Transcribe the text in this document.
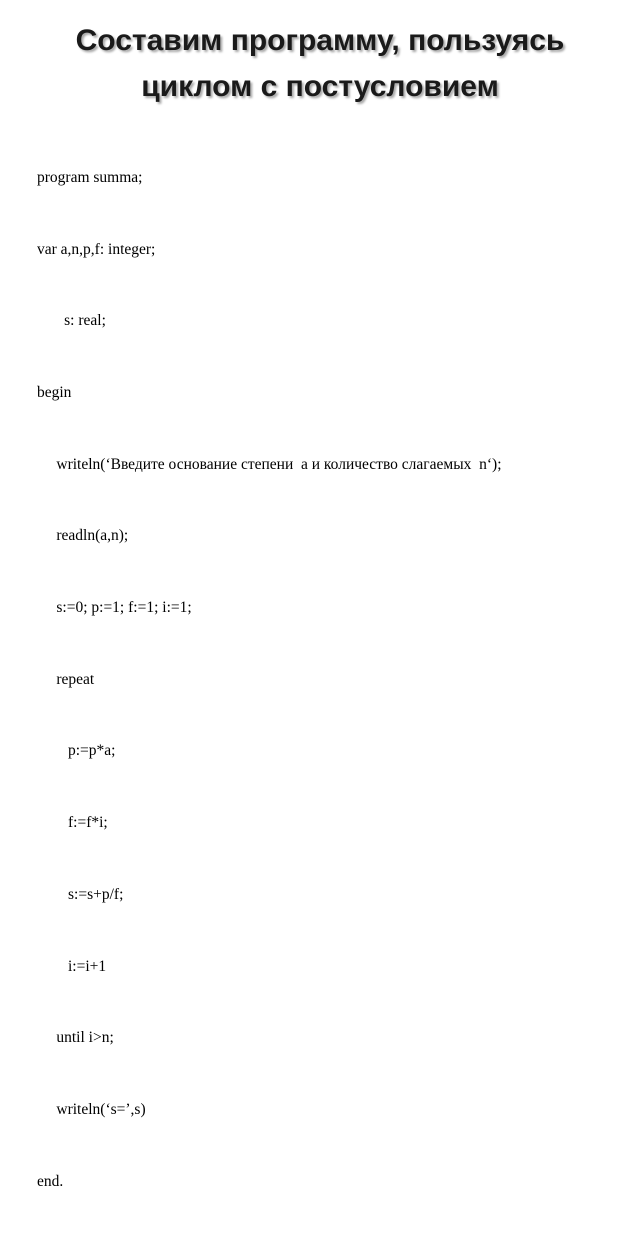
Составим программу, пользуясь
циклом с постусловием

program summa;

var a,n,p,f: integer;

s: real;

begin

writeln(‘Введите основание степени  a и количество слагаемых  n‘);

readln(a,n);

s:=0; p:=1; f:=1; i:=1;

repeat

p:=p*a;

f:=f*i;

s:=s+p/f;

i:=i+1

until i>n;

writeln(‘s=’,s)

end.
